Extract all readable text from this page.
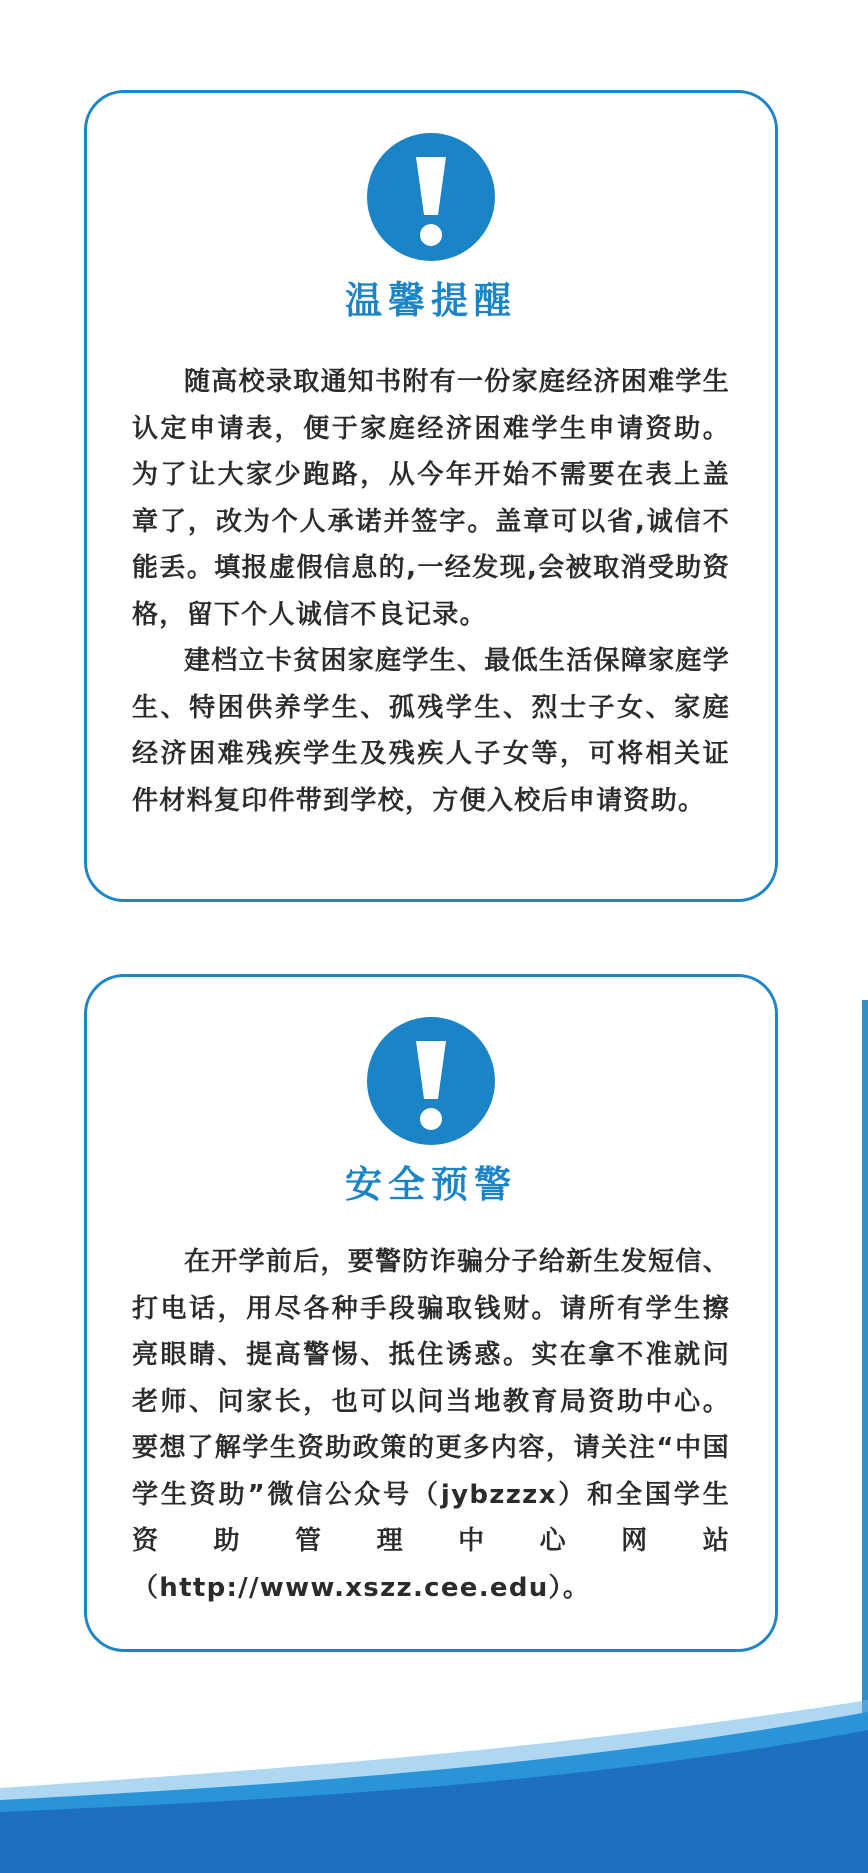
温馨提醒

随高校录取通知书附有一份家庭经济困难学生认定申请表，便于家庭经济困难学生申请资助。为了让大家少跑路，从今年开始不需要在表上盖章了，改为个人承诺并签字。盖章可以省,诚信不能丢。填报虚假信息的,一经发现,会被取消受助资格，留下个人诚信不良记录。

建档立卡贫困家庭学生、最低生活保障家庭学生、特困供养学生、孤残学生、烈士子女、家庭经济困难残疾学生及残疾人子女等，可将相关证件材料复印件带到学校，方便入校后申请资助。

安全预警

在开学前后，要警防诈骗分子给新生发短信、打电话，用尽各种手段骗取钱财。请所有学生擦亮眼睛、提高警惕、抵住诱惑。实在拿不准就问老师、问家长，也可以问当地教育局资助中心。要想了解学生资助政策的更多内容，请关注“中国学生资助”微信公众号（jybzzzx）和全国学生资助管理中心网站（http://www.xszz.cee.edu）。
